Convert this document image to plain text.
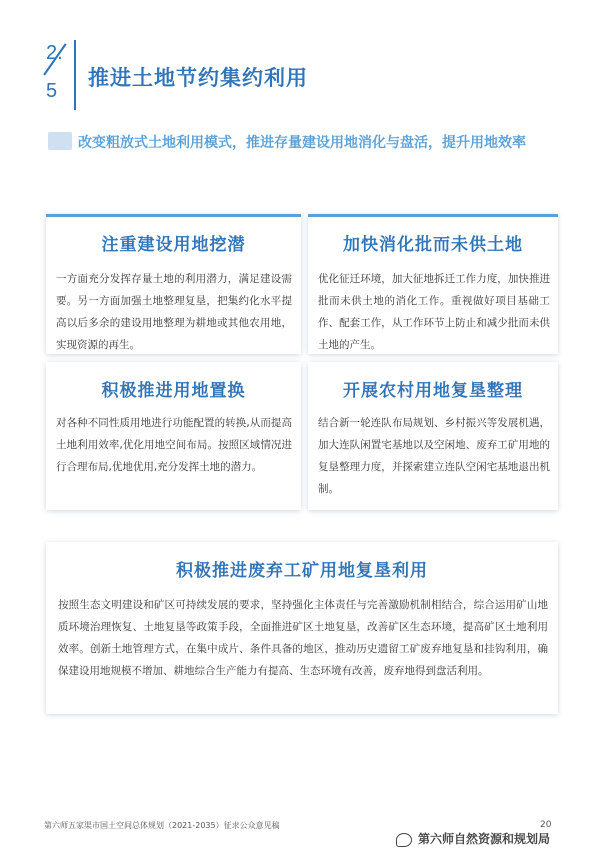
2.
5
推进土地节约集约利用
改变粗放式土地利用模式，推进存量建设用地消化与盘活，提升用地效率
注重建设用地挖潜
一方面充分发挥存量土地的利用潜力，满足建设需要。另一方面加强土地整理复垦，把集约化水平提高以后多余的建设用地整理为耕地或其他农用地，实现资源的再生。
加快消化批而未供土地
优化征迁环境，加大征地拆迁工作力度，加快推进批而未供土地的消化工作。重视做好项目基础工作、配套工作，从工作环节上防止和减少批而未供土地的产生。
积极推进用地置换
对各种不同性质用地进行功能配置的转换,从而提高土地利用效率,优化用地空间布局。按照区域情况进行合理布局,优地优用,充分发挥土地的潜力。
开展农村用地复垦整理
结合新一轮连队布局规划、乡村振兴等发展机遇，加大连队闲置宅基地以及空闲地、废弃工矿用地的复垦整理力度，并探索建立连队空闲宅基地退出机制。
积极推进废弃工矿用地复垦利用
按照生态文明建设和矿区可持续发展的要求，坚持强化主体责任与完善激励机制相结合，综合运用矿山地质环境治理恢复、土地复垦等政策手段，全面推进矿区土地复垦，改善矿区生态环境，提高矿区土地利用效率。创新土地管理方式，在集中成片、条件具备的地区，推动历史遗留工矿废弃地复垦和挂钩利用，确保建设用地规模不增加、耕地综合生产能力有提高、生态环境有改善，废弃地得到盘活利用。
第六师五家渠市国土空间总体规划（2021-2035）征求公众意见稿	20
第六师自然资源和规划局
